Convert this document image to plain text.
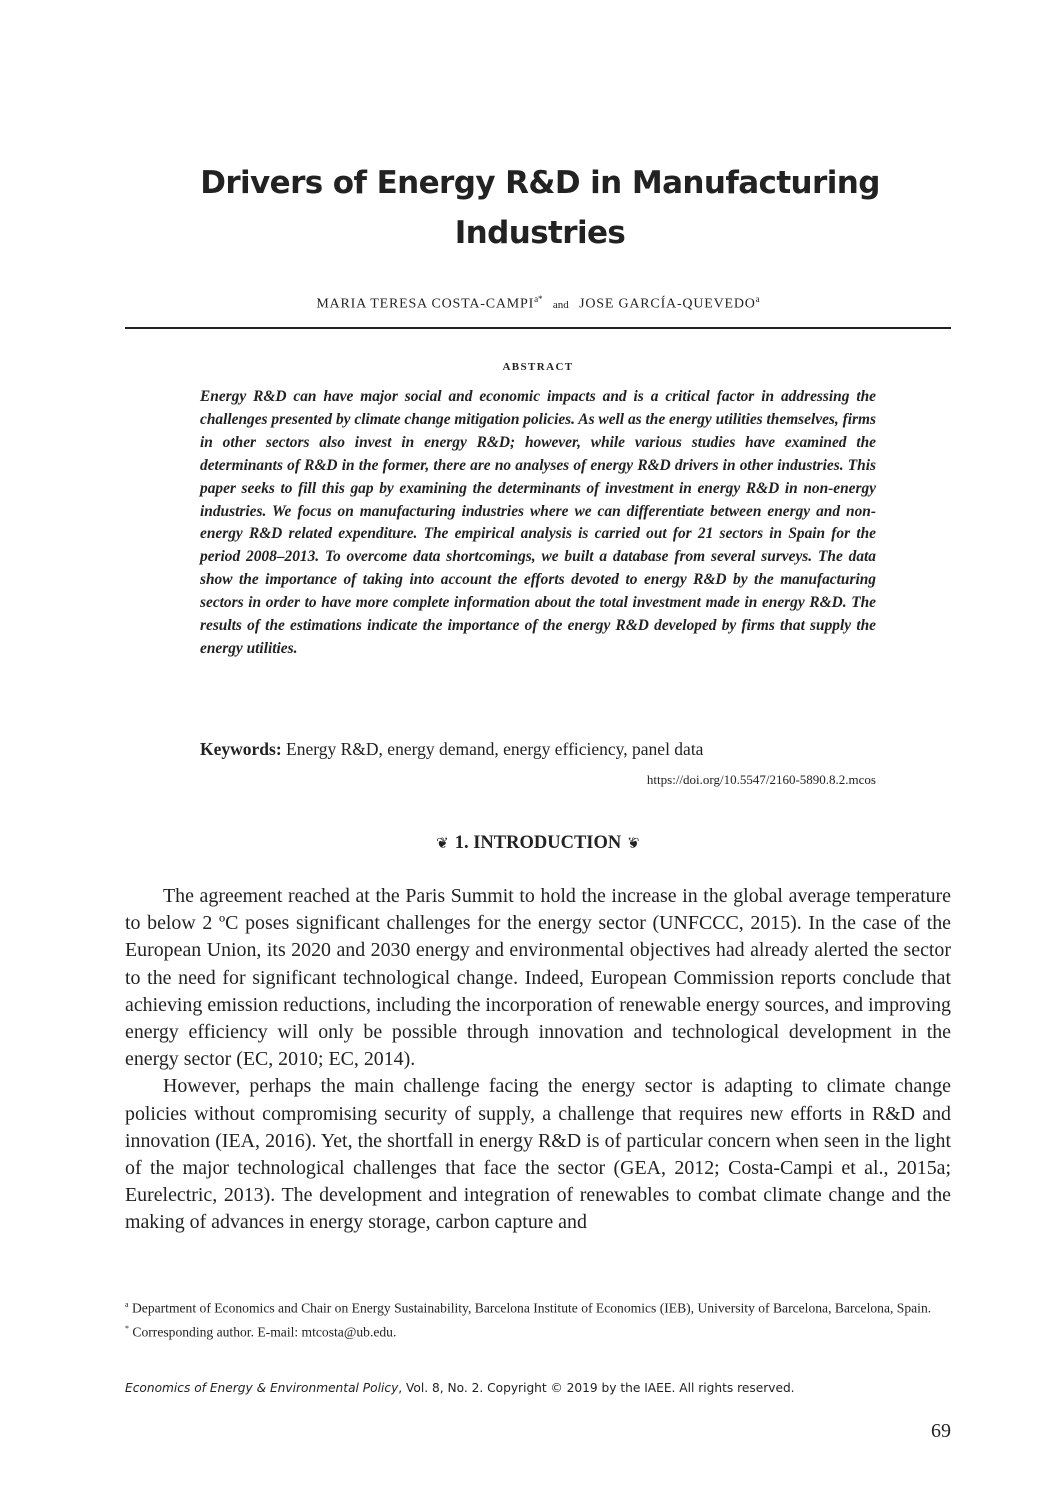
Drivers of Energy R&D in Manufacturing Industries
MARIA TERESA COSTA-$CAMPI^{a*}$ and JOSE GARCÍA-QUEVEDO$^a$
ABSTRACT
Energy R&D can have major social and economic impacts and is a critical factor in addressing the challenges presented by climate change mitigation policies. As well as the energy utilities themselves, firms in other sectors also invest in energy R&D; however, while various studies have examined the determinants of R&D in the former, there are no analyses of energy R&D drivers in other industries. This paper seeks to fill this gap by examining the determinants of investment in energy R&D in non-energy industries. We focus on manufacturing industries where we can differentiate between energy and non-energy R&D related expenditure. The empirical analysis is carried out for 21 sectors in Spain for the period 2008–2013. To overcome data shortcomings, we built a database from several surveys. The data show the importance of taking into account the efforts devoted to energy R&D by the manufacturing sectors in order to have more complete information about the total investment made in energy R&D. The results of the estimations indicate the importance of the energy R&D developed by firms that supply the energy utilities.
Keywords: Energy R&D, energy demand, energy efficiency, panel data
https://doi.org/10.5547/2160-5890.8.2.mcos
❦ 1. INTRODUCTION ❦

The agreement reached at the Paris Summit to hold the increase in the global average temperature to below 2 ºC poses significant challenges for the energy sector (UNFCCC, 2015). In the case of the European Union, its 2020 and 2030 energy and environmental objectives had already alerted the sector to the need for significant technological change. Indeed, European Commission reports conclude that achieving emission reductions, including the incorporation of renewable energy sources, and improving energy efficiency will only be possible through innovation and technological development in the energy sector (EC, 2010; EC, 2014).

However, perhaps the main challenge facing the energy sector is adapting to climate change policies without compromising security of supply, a challenge that requires new efforts in R&D and innovation (IEA, 2016). Yet, the shortfall in energy R&D is of particular concern when seen in the light of the major technological challenges that face the sector (GEA, 2012; Costa-Campi et al., 2015a; Eurelectric, 2013). The development and integration of renewables to combat climate change and the making of advances in energy storage, carbon capture and

$^a$ Department of Economics and Chair on Energy Sustainability, Barcelona Institute of Economics (IEB), University of Barcelona, Barcelona, Spain.

* Corresponding author. E-mail: mtcosta@ub.edu.

Economics of Energy & Environmental Policy, Vol. 8, No. 2. Copyright © 2019 by the IAEE. All rights reserved.
69
